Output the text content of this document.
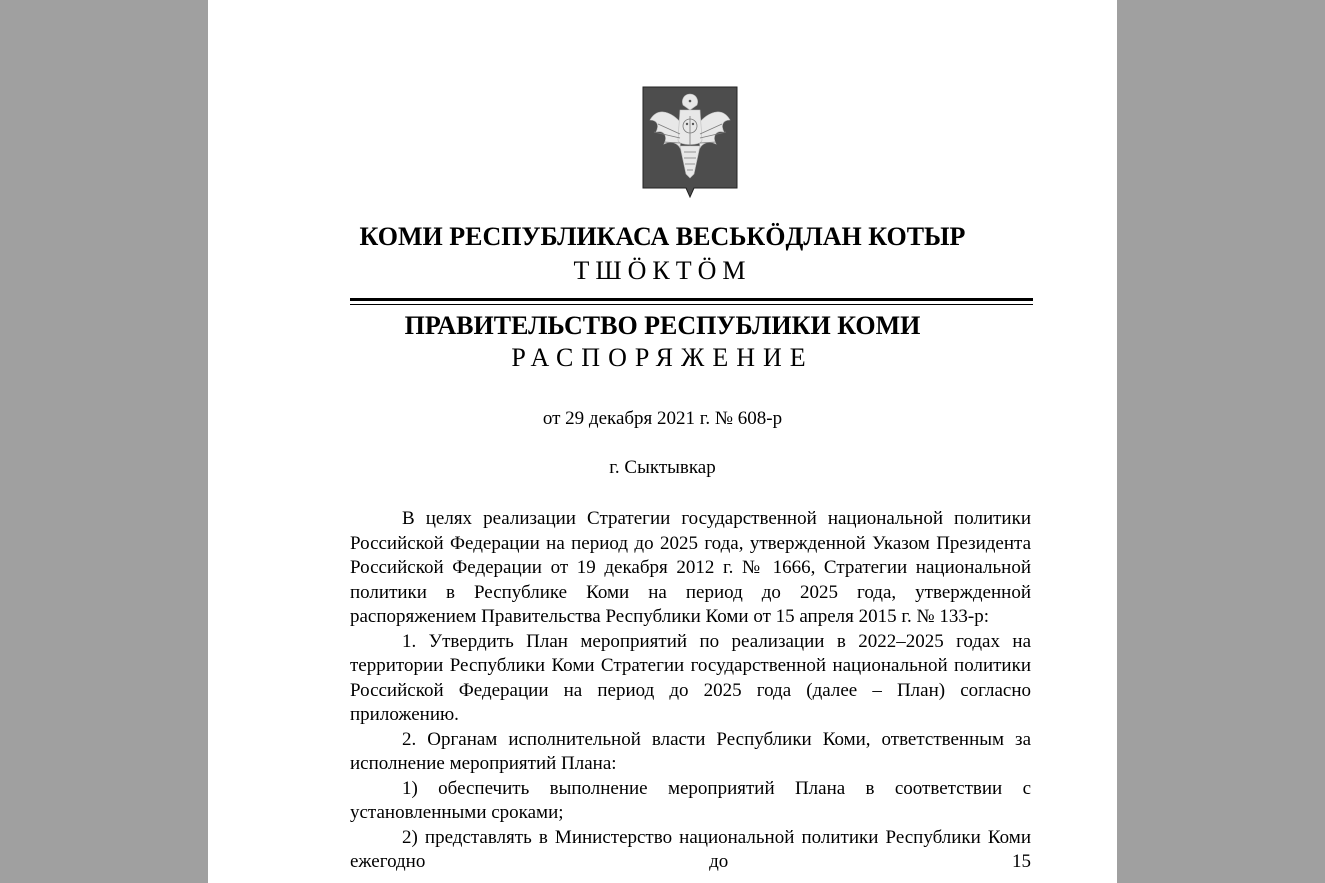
КОМИ РЕСПУБЛИКАСА ВЕСЬКӦДЛАН КОТЫР
ТШӦКТӦМ
ПРАВИТЕЛЬСТВО РЕСПУБЛИКИ КОМИ
РАСПОРЯЖЕНИЕ
от 29 декабря 2021 г. № 608-р
г. Сыктывкар

В целях реализации Стратегии государственной национальной политики Российской Федерации на период до 2025 года, утвержденной Указом Президента Российской Федерации от 19 декабря 2012 г. № 1666, Стратегии национальной политики в Республике Коми на период до 2025 года, утвержденной распоряжением Правительства Республики Коми от 15 апреля 2015 г. № 133-р:

1. Утвердить План мероприятий по реализации в 2022–2025 годах на территории Республики Коми Стратегии государственной национальной политики Российской Федерации на период до 2025 года (далее – План) согласно приложению.

2. Органам исполнительной власти Республики Коми, ответственным за исполнение мероприятий Плана:

1) обеспечить выполнение мероприятий Плана в соответствии с установленными сроками;

2) представлять в Министерство национальной политики Республики Коми ежегодно до 15
